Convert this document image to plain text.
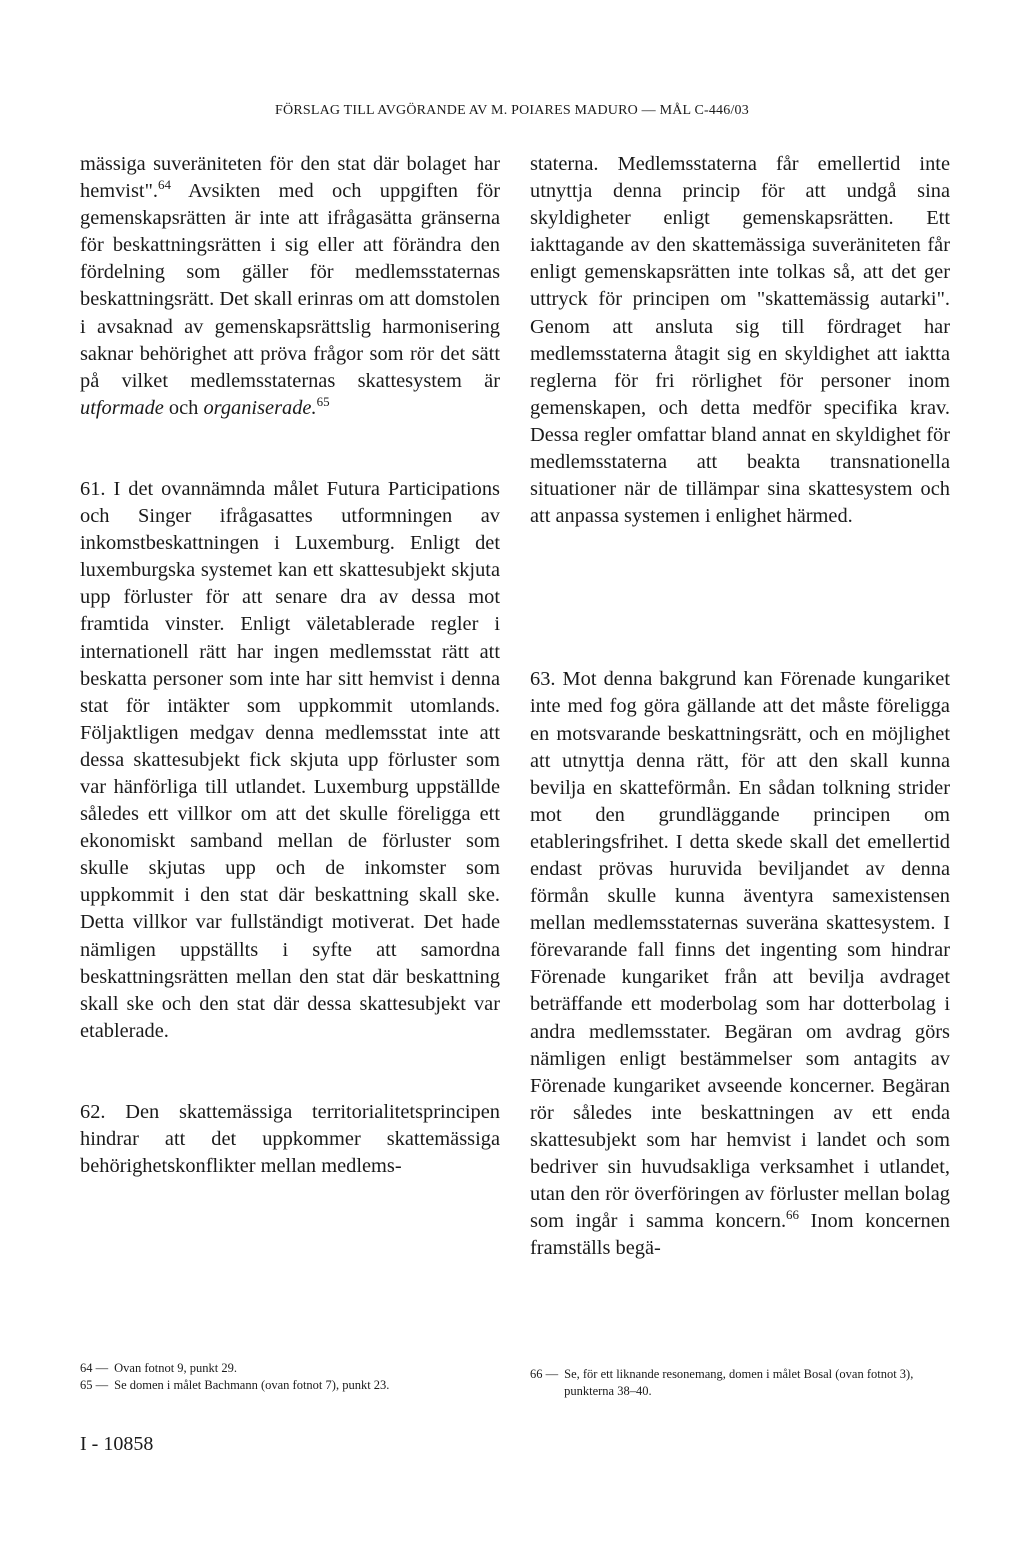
FÖRSLAG TILL AVGÖRANDE AV M. POIARES MADURO — MÅL C-446/03

mässiga suveräniteten för den stat där bolaget har hemvist".$^{64}$ Avsikten med och uppgiften för gemenskapsrätten är inte att ifrågasätta gränserna för beskattningsrätten i sig eller att förändra den fördelning som gäller för medlemsstaternas beskattningsrätt. Det skall erinras om att domstolen i avsaknad av gemenskapsrättslig harmonisering saknar behörighet att pröva frågor som rör det sätt på vilket medlemsstaternas skattesystem är utformade och organiserade.$^{65}$

61. I det ovannämnda målet Futura Participations och Singer ifrågasattes utformningen av inkomstbeskattningen i Luxemburg. Enligt det luxemburgska systemet kan ett skattesubjekt skjuta upp förluster för att senare dra av dessa mot framtida vinster. Enligt väletablerade regler i internationell rätt har ingen medlemsstat rätt att beskatta personer som inte har sitt hemvist i denna stat för intäkter som uppkommit utomlands. Följaktligen medgav denna medlemsstat inte att dessa skattesubjekt fick skjuta upp förluster som var hänförliga till utlandet. Luxemburg uppställde således ett villkor om att det skulle föreligga ett ekonomiskt samband mellan de förluster som skulle skjutas upp och de inkomster som uppkommit i den stat där beskattning skall ske. Detta villkor var fullständigt motiverat. Det hade nämligen uppställts i syfte att samordna beskattningsrätten mellan den stat där beskattning skall ske och den stat där dessa skattesubjekt var etablerade.

62. Den skattemässiga territorialitetsprincipen hindrar att det uppkommer skattemässiga behörighetskonflikter mellan medlems-

staterna. Medlemsstaterna får emellertid inte utnyttja denna princip för att undgå sina skyldigheter enligt gemenskapsrätten. Ett iakttagande av den skattemässiga suveräniteten får enligt gemenskapsrätten inte tolkas så, att det ger uttryck för principen om "skattemässig autarki". Genom att ansluta sig till fördraget har medlemsstaterna åtagit sig en skyldighet att iaktta reglerna för fri rörlighet för personer inom gemenskapen, och detta medför specifika krav. Dessa regler omfattar bland annat en skyldighet för medlemsstaterna att beakta transnationella situationer när de tillämpar sina skattesystem och att anpassa systemen i enlighet härmed.

63. Mot denna bakgrund kan Förenade kungariket inte med fog göra gällande att det måste föreligga en motsvarande beskattningsrätt, och en möjlighet att utnyttja denna rätt, för att den skall kunna bevilja en skatteförmån. En sådan tolkning strider mot den grundläggande principen om etableringsfrihet. I detta skede skall det emellertid endast prövas huruvida beviljandet av denna förmån skulle kunna äventyra samexistensen mellan medlemsstaternas suveräna skattesystem. I förevarande fall finns det ingenting som hindrar Förenade kungariket från att bevilja avdraget beträffande ett moderbolag som har dotterbolag i andra medlemsstater. Begäran om avdrag görs nämligen enligt bestämmelser som antagits av Förenade kungariket avseende koncerner. Begäran rör således inte beskattningen av ett enda skattesubjekt som har hemvist i landet och som bedriver sin huvudsakliga verksamhet i utlandet, utan den rör överföringen av förluster mellan bolag som ingår i samma koncern.$^{66}$ Inom koncernen framställs begä-

64 — Ovan fotnot 9, punkt 29.
65 — Se domen i målet Bachmann (ovan fotnot 7), punkt 23.
66 — Se, för ett liknande resonemang, domen i målet Bosal (ovan fotnot 3), punkterna 38–40.
I - 10858
